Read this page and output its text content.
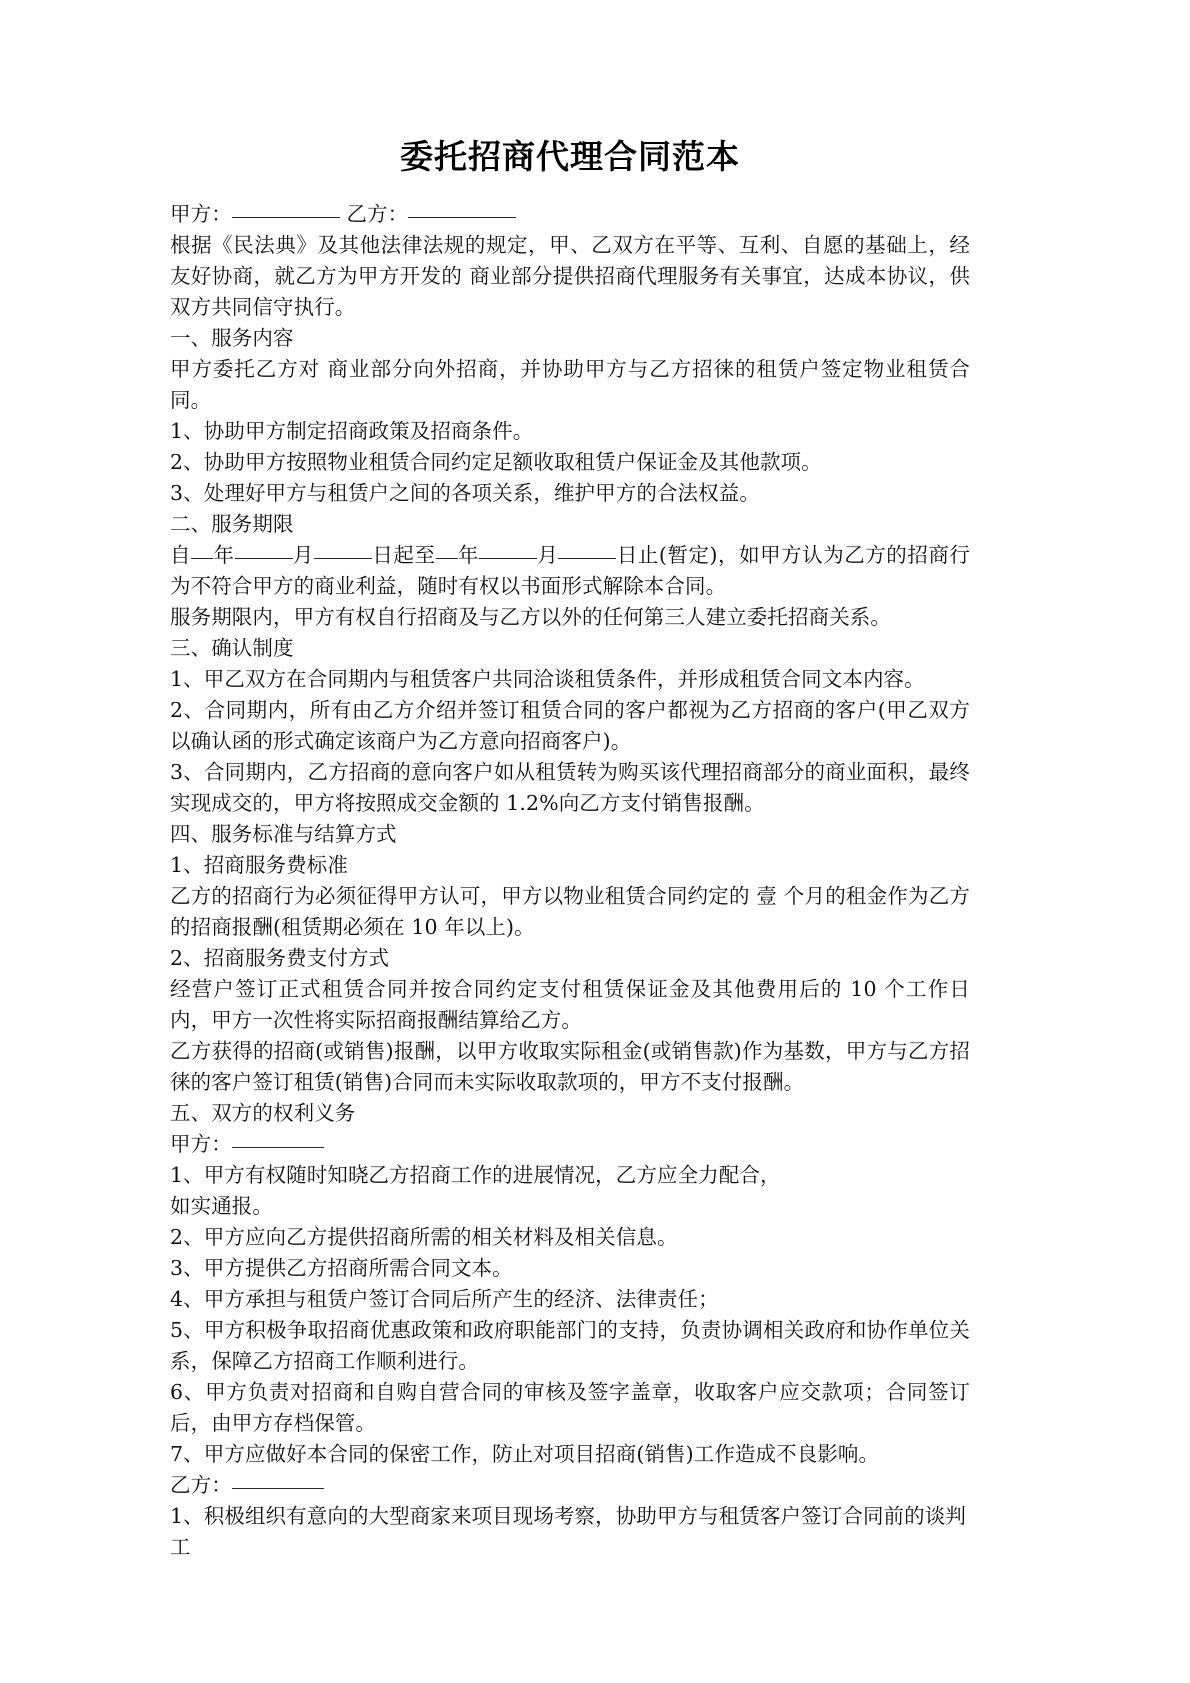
委托招商代理合同范本

甲方：	乙方：

根据《民法典》及其他法律法规的规定，甲、乙双方在平等、互利、自愿的基础上，经友好协商，就乙方为甲方开发的 商业部分提供招商代理服务有关事宜，达成本协议，供双方共同信守执行。

一、服务内容

甲方委托乙方对 商业部分向外招商，并协助甲方与乙方招徕的租赁户签定物业租赁合同。

1、协助甲方制定招商政策及招商条件。

2、协助甲方按照物业租赁合同约定足额收取租赁户保证金及其他款项。

3、处理好甲方与租赁户之间的各项关系，维护甲方的合法权益。

二、服务期限

自 年	月	日起至 年	月	日止(暂定)，如甲方认为乙方的招商行为不符合甲方的商业利益，随时有权以书面形式解除本合同。

服务期限内，甲方有权自行招商及与乙方以外的任何第三人建立委托招商关系。

三、确认制度

1、甲乙双方在合同期内与租赁客户共同洽谈租赁条件，并形成租赁合同文本内容。

2、合同期内，所有由乙方介绍并签订租赁合同的客户都视为乙方招商的客户(甲乙双方以确认函的形式确定该商户为乙方意向招商客户)。

3、合同期内，乙方招商的意向客户如从租赁转为购买该代理招商部分的商业面积，最终实现成交的，甲方将按照成交金额的 1.2%向乙方支付销售报酬。

四、服务标准与结算方式

1、招商服务费标准

乙方的招商行为必须征得甲方认可，甲方以物业租赁合同约定的 壹 个月的租金作为乙方的招商报酬(租赁期必须在 10 年以上)。

2、招商服务费支付方式

经营户签订正式租赁合同并按合同约定支付租赁保证金及其他费用后的 10 个工作日内，甲方一次性将实际招商报酬结算给乙方。

乙方获得的招商(或销售)报酬，以甲方收取实际租金(或销售款)作为基数，甲方与乙方招徕的客户签订租赁(销售)合同而未实际收取款项的，甲方不支付报酬。

五、双方的权利义务

甲方：

1、甲方有权随时知晓乙方招商工作的进展情况，乙方应全力配合，

如实通报。

2、甲方应向乙方提供招商所需的相关材料及相关信息。

3、甲方提供乙方招商所需合同文本。

4、甲方承担与租赁户签订合同后所产生的经济、法律责任；

5、甲方积极争取招商优惠政策和政府职能部门的支持，负责协调相关政府和协作单位关系，保障乙方招商工作顺利进行。

6、甲方负责对招商和自购自营合同的审核及签字盖章，收取客户应交款项；合同签订后，由甲方存档保管。

7、甲方应做好本合同的保密工作，防止对项目招商(销售)工作造成不良影响。

乙方：

1、积极组织有意向的大型商家来项目现场考察，协助甲方与租赁客户签订合同前的谈判工
